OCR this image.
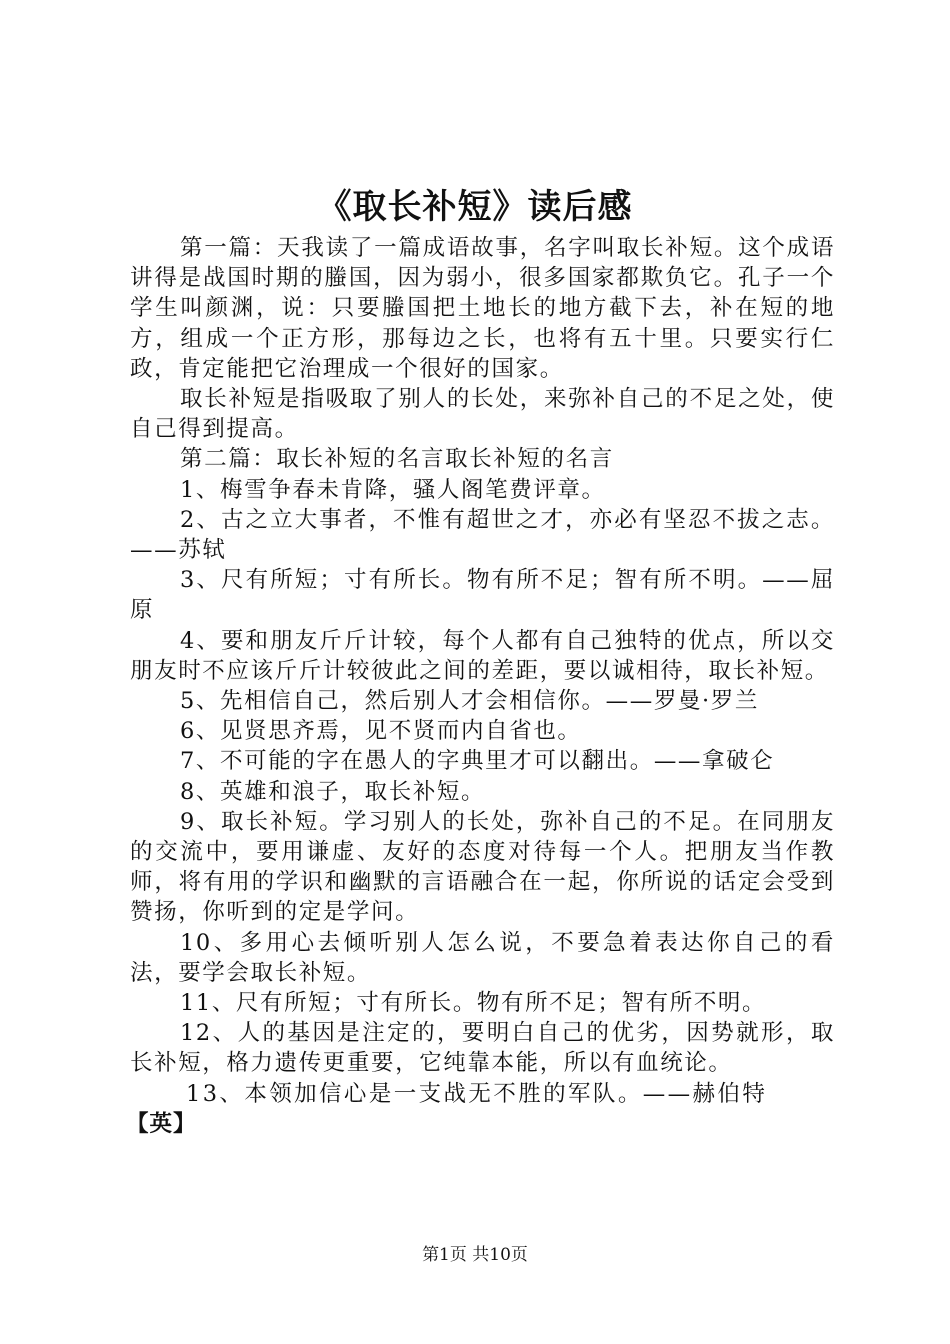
《取长补短》读后感

第一篇：天我读了一篇成语故事，名字叫取长补短。这个成语讲得是战国时期的螣国，因为弱小，很多国家都欺负它。孔子一个学生叫颜渊，说：只要螣国把土地长的地方截下去，补在短的地方，组成一个正方形，那每边之长，也将有五十里。只要实行仁政，肯定能把它治理成一个很好的国家。

取长补短是指吸取了别人的长处，来弥补自己的不足之处，使自己得到提高。

第二篇：取长补短的名言取长补短的名言

1、梅雪争春未肯降，骚人阁笔费评章。

2、古之立大事者，不惟有超世之才，亦必有坚忍不拔之志。——苏轼

3、尺有所短；寸有所长。物有所不足；智有所不明。——屈原

4、要和朋友斤斤计较，每个人都有自己独特的优点，所以交朋友时不应该斤斤计较彼此之间的差距，要以诚相待，取长补短。

5、先相信自己，然后别人才会相信你。——罗曼·罗兰

6、见贤思齐焉，见不贤而内自省也。

7、不可能的字在愚人的字典里才可以翻出。——拿破仑

8、英雄和浪子，取长补短。

9、取长补短。学习别人的长处，弥补自己的不足。在同朋友的交流中，要用谦虚、友好的态度对待每一个人。把朋友当作教师，将有用的学识和幽默的言语融合在一起，你所说的话定会受到赞扬，你听到的定是学问。

10、多用心去倾听别人怎么说，不要急着表达你自己的看法，要学会取长补短。

11、尺有所短；寸有所长。物有所不足；智有所不明。

12、人的基因是注定的，要明白自己的优劣，因势就形，取长补短，格力遗传更重要，它纯靠本能，所以有血统论。

13、本领加信心是一支战无不胜的军队。——赫伯特

【英】

第1页 共10页
